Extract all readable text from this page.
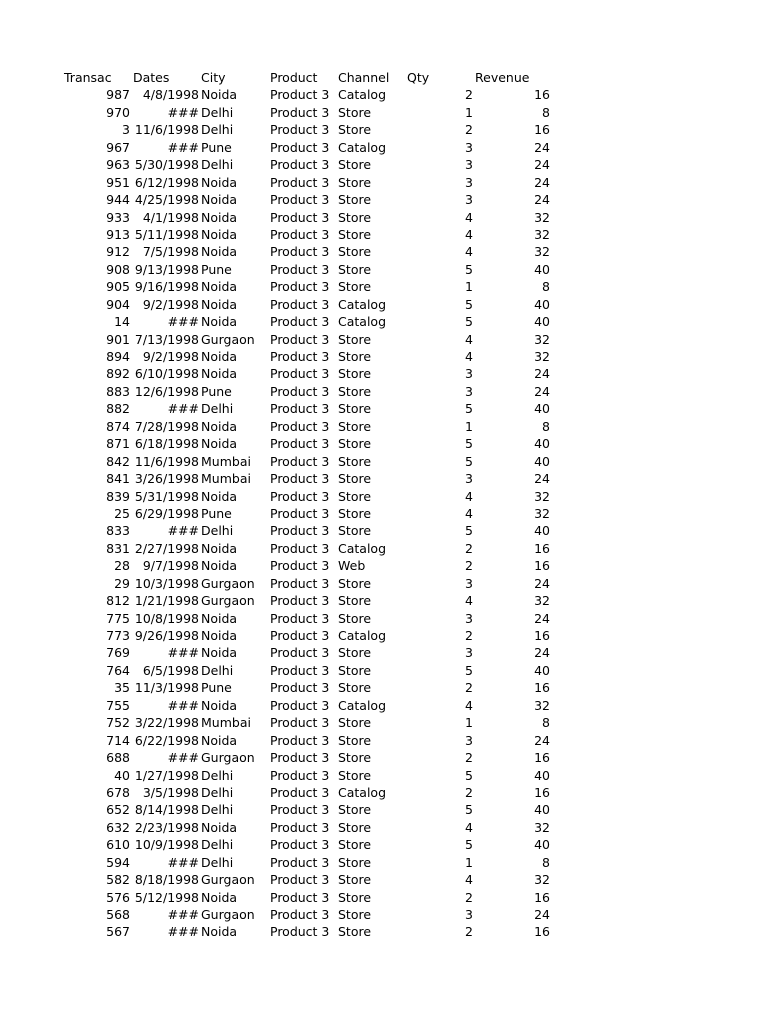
Transac Dates	City	Product Channel Qty	Revenue
987	4/8/1998 Noida	Product 3 Catalog	2	16
970	### Delhi	Product 3 Store	1	8
3 11/6/1998 Delhi	Product 3 Store	2	16
967	### Pune	Product 3 Catalog	3	24
963 5/30/1998 Delhi	Product 3 Store	3	24
951 6/12/1998 Noida	Product 3 Store	3	24
944 4/25/1998 Noida	Product 3 Store	3	24
933	4/1/1998 Noida	Product 3 Store	4	32
913 5/11/1998 Noida	Product 3 Store	4	32
912	7/5/1998 Noida	Product 3 Store	4	32
908 9/13/1998 Pune	Product 3 Store	5	40
905 9/16/1998 Noida	Product 3 Store	1	8
904	9/2/1998 Noida	Product 3 Catalog	5	40
14	### Noida	Product 3 Catalog	5	40
901 7/13/1998 Gurgaon Product 3 Store	4	32
894	9/2/1998 Noida	Product 3 Store	4	32
892 6/10/1998 Noida	Product 3 Store	3	24
883 12/6/1998 Pune	Product 3 Store	3	24
882	### Delhi	Product 3 Store	5	40
874 7/28/1998 Noida	Product 3 Store	1	8
871 6/18/1998 Noida	Product 3 Store	5	40
842 11/6/1998 Mumbai Product 3 Store	5	40
841 3/26/1998 Mumbai Product 3 Store	3	24
839 5/31/1998 Noida	Product 3 Store	4	32
25 6/29/1998 Pune	Product 3 Store	4	32
833	### Delhi	Product 3 Store	5	40
831 2/27/1998 Noida	Product 3 Catalog	2	16
28	9/7/1998 Noida	Product 3 Web	2	16
29 10/3/1998 Gurgaon Product 3 Store	3	24
812 1/21/1998 Gurgaon Product 3 Store	4	32
775 10/8/1998 Noida	Product 3 Store	3	24
773 9/26/1998 Noida	Product 3 Catalog	2	16
769	### Noida	Product 3 Store	3	24
764	6/5/1998 Delhi	Product 3 Store	5	40
35 11/3/1998 Pune	Product 3 Store	2	16
755	### Noida	Product 3 Catalog	4	32
752 3/22/1998 Mumbai Product 3 Store	1	8
714 6/22/1998 Noida	Product 3 Store	3	24
688	### Gurgaon Product 3 Store	2	16
40 1/27/1998 Delhi	Product 3 Store	5	40
678	3/5/1998 Delhi	Product 3 Catalog	2	16
652 8/14/1998 Delhi	Product 3 Store	5	40
632 2/23/1998 Noida	Product 3 Store	4	32
610 10/9/1998 Delhi	Product 3 Store	5	40
594	### Delhi	Product 3 Store	1	8
582 8/18/1998 Gurgaon Product 3 Store	4	32
576 5/12/1998 Noida	Product 3 Store	2	16
568	### Gurgaon Product 3 Store	3	24
567	### Noida	Product 3 Store	2	16
